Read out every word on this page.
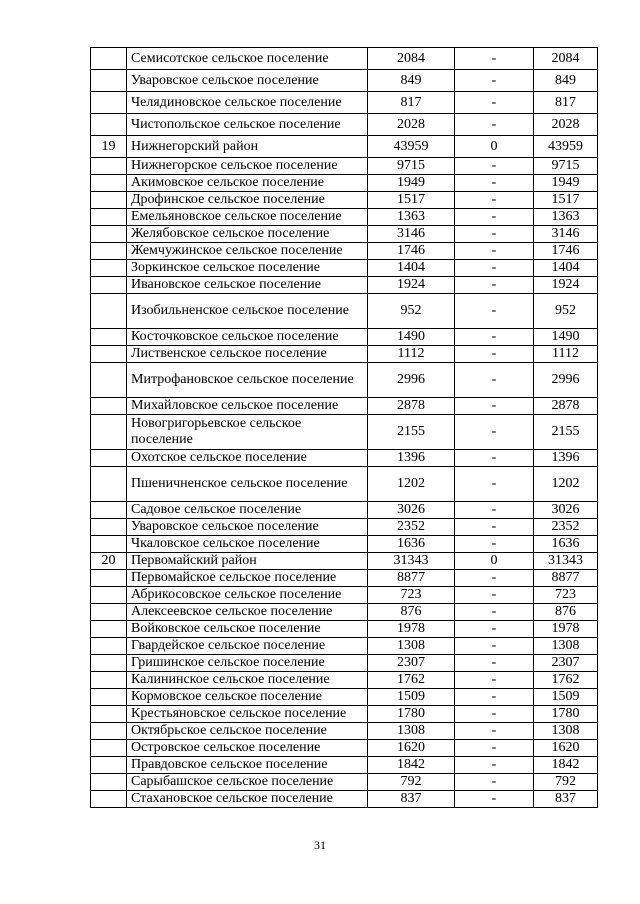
	Семисотское сельское поселение	2084	-	2084
	Уваровское сельское поселение	849	-	849
	Челядиновское сельское поселение	817	-	817
	Чистопольское сельское поселение	2028	-	2028
19	Нижнегорский район	43959	0	43959
	Нижнегорское сельское поселение	9715	-	9715
	Акимовское сельское поселение	1949	-	1949
	Дрофинское сельское поселение	1517	-	1517
	Емельяновское сельское поселение	1363	-	1363
	Желябовское сельское поселение	3146	-	3146
	Жемчужинское сельское поселение	1746	-	1746
	Зоркинское сельское поселение	1404	-	1404
	Ивановское сельское поселение	1924	-	1924
	Изобильненское сельское поселение	952	-	952
	Косточковское сельское поселение	1490	-	1490
	Лиственское сельское поселение	1112	-	1112
	Митрофановское сельское поселение	2996	-	2996
	Михайловское сельское поселение	2878	-	2878
	Новогригорьевское сельское поселение	2155	-	2155
	Охотское сельское поселение	1396	-	1396
	Пшеничненское сельское поселение	1202	-	1202
	Садовое сельское поселение	3026	-	3026
	Уваровское сельское поселение	2352	-	2352
	Чкаловское сельское поселение	1636	-	1636
20	Первомайский район	31343	0	31343
	Первомайское сельское поселение	8877	-	8877
	Абрикосовское сельское поселение	723	-	723
	Алексеевское сельское поселение	876	-	876
	Войковское сельское поселение	1978	-	1978
	Гвардейское сельское поселение	1308	-	1308
	Гришинское сельское поселение	2307	-	2307
	Калининское сельское поселение	1762	-	1762
	Кормовское сельское поселение	1509	-	1509
	Крестьяновское сельское поселение	1780	-	1780
	Октябрьское сельское поселение	1308	-	1308
	Островское сельское поселение	1620	-	1620
	Правдовское сельское поселение	1842	-	1842
	Сарыбашское сельское поселение	792	-	792
	Стахановское сельское поселение	837	-	837
31
